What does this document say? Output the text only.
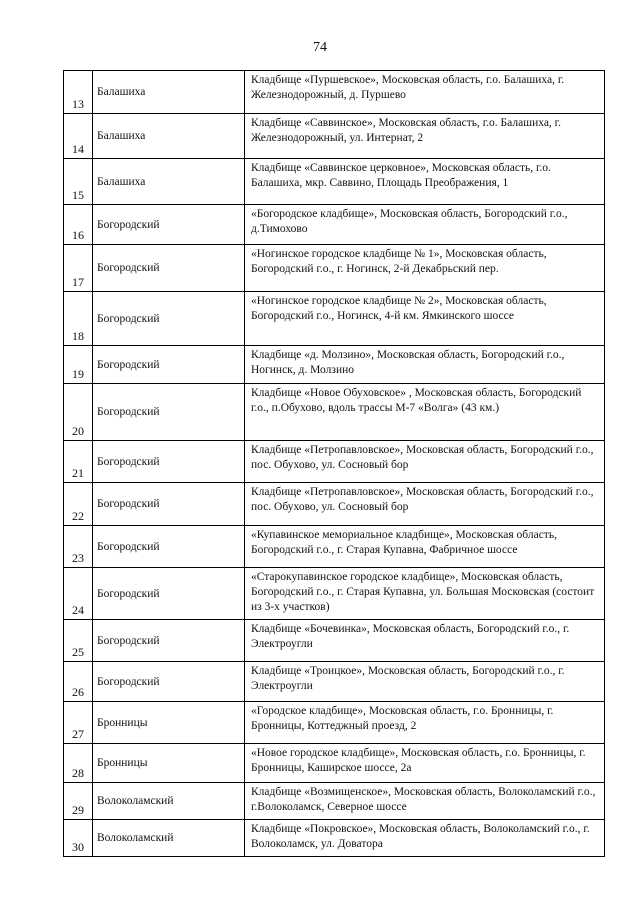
74
13	Балашиха	Кладбище «Пуршевское», Московская область, г.о. Балашиха, г. Железнодорожный, д. Пуршево
14	Балашиха	Кладбище «Саввинское», Московская область, г.о. Балашиха, г. Железнодорожный, ул. Интернат, 2
15	Балашиха	Кладбище «Саввинское церковное», Московская область, г.о. Балашиха, мкр. Саввино, Площадь Преображения, 1
16	Богородский	«Богородское кладбище», Московская область, Богородский г.о., д.Тимохово
17	Богородский	«Ногинское городское кладбище № 1», Московская область, Богородский г.о., г. Ногинск, 2-й Декабрьский пер.
18	Богородский	«Ногинское городское кладбище № 2», Московская область, Богородский г.о., Ногинск, 4-й км. Ямкинского шоссе
19	Богородский	Кладбище «д. Молзино», Московская область, Богородский г.о., Ногинск, д. Молзино
20	Богородский	Кладбище «Новое Обуховское» , Московская область, Богородский г.о., п.Обухово, вдоль трассы М-7 «Волга» (43 км.)
21	Богородский	Кладбище «Петропавловское», Московская область, Богородский г.о., пос. Обухово, ул. Сосновый бор
22	Богородский	Кладбище «Петропавловское», Московская область, Богородский г.о., пос. Обухово, ул. Сосновый бор
23	Богородский	«Купавинское мемориальное кладбище», Московская область, Богородский г.о., г. Старая Купавна, Фабричное шоссе
24	Богородский	«Старокупавинское городское кладбище», Московская область, Богородский г.о., г. Старая Купавна, ул. Большая Московская (состоит из 3-х участков)
25	Богородский	Кладбище «Бочевинка», Московская область, Богородский г.о., г. Электроугли
26	Богородский	Кладбище «Троицкое», Московская область, Богородский г.о., г. Электроугли
27	Бронницы	«Городское кладбище», Московская область, г.о. Бронницы, г. Бронницы, Коттеджный проезд, 2
28	Бронницы	«Новое городское кладбище», Московская область, г.о. Бронницы, г. Бронницы, Каширское шоссе, 2а
29	Волоколамский	Кладбище «Возмищенское», Московская область, Волоколамский г.о., г.Волоколамск, Северное шоссе
30	Волоколамский	Кладбище «Покровское», Московская область, Волоколамский г.о., г. Волоколамск, ул. Доватора
